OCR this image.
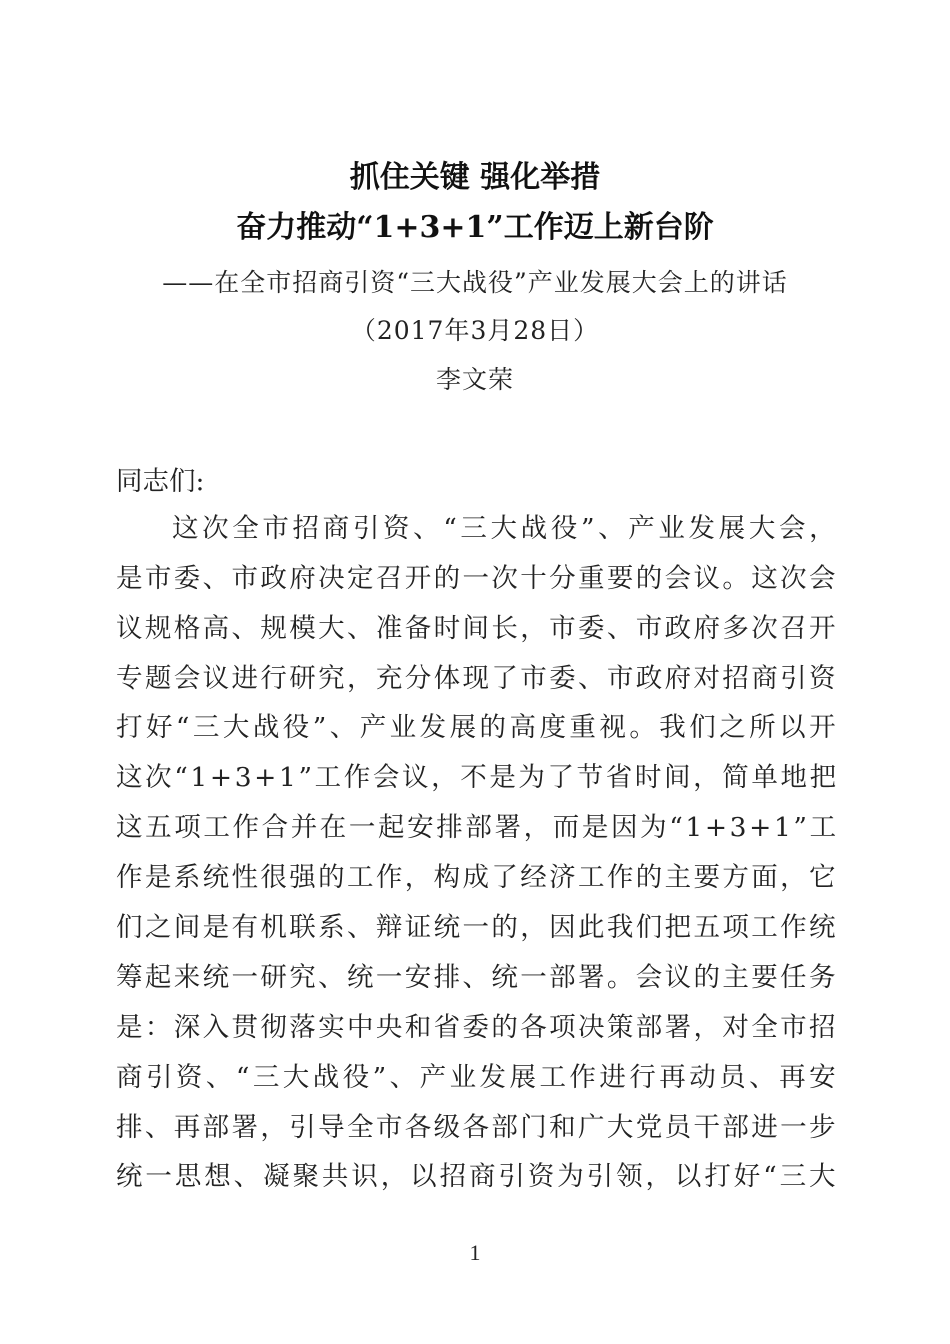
抓住关键 强化举措
奋力推动“1+3+1”工作迈上新台阶
——在全市招商引资“三大战役”产业发展大会上的讲话
（2017年3月28日）
李文荣
同志们:
这次全市招商引资、“三大战役”、产业发展大会，
是市委、市政府决定召开的一次十分重要的会议。这次会
议规格高、规模大、准备时间长，市委、市政府多次召开
专题会议进行研究，充分体现了市委、市政府对招商引资
打好“三大战役”、产业发展的高度重视。我们之所以开
这次“1+3+1”工作会议，不是为了节省时间，简单地把
这五项工作合并在一起安排部署，而是因为“1+3+1”工
作是系统性很强的工作，构成了经济工作的主要方面，它
们之间是有机联系、辩证统一的，因此我们把五项工作统
筹起来统一研究、统一安排、统一部署。会议的主要任务
是：深入贯彻落实中央和省委的各项决策部署，对全市招
商引资、“三大战役”、产业发展工作进行再动员、再安
排、再部署，引导全市各级各部门和广大党员干部进一步
统一思想、凝聚共识，以招商引资为引领，以打好“三大
1
